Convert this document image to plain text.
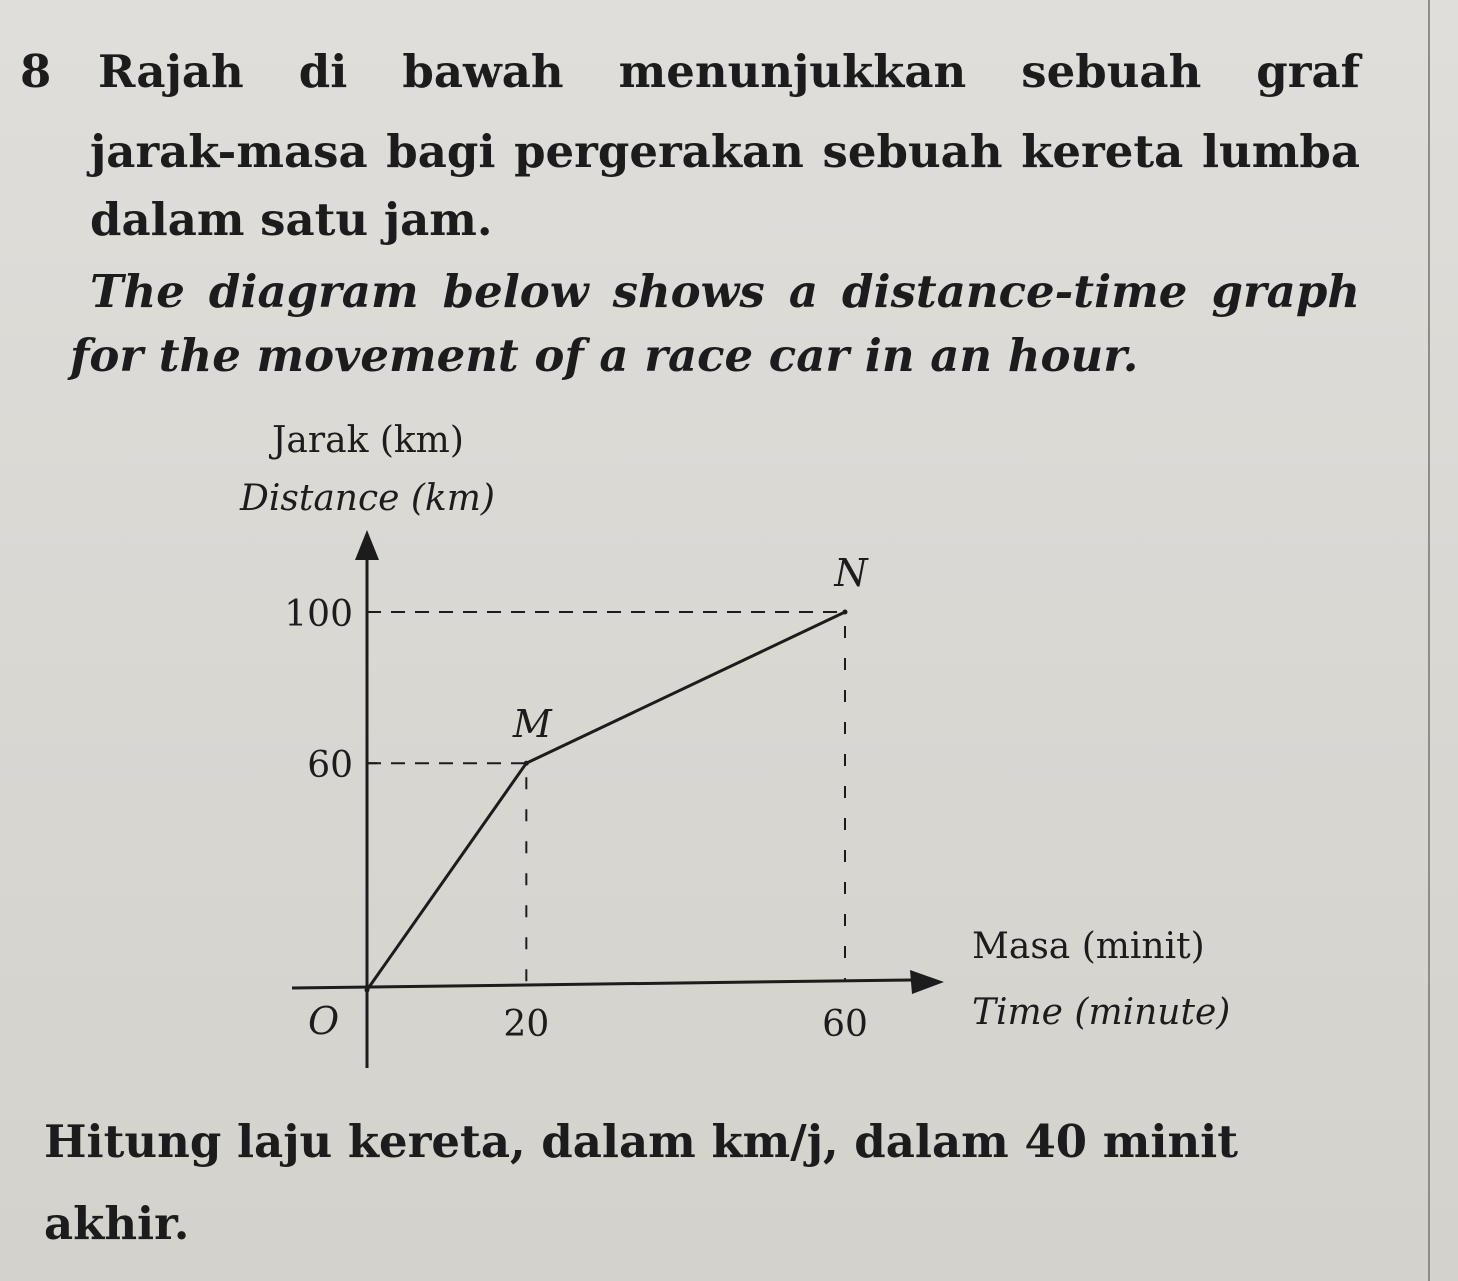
8 Rajah di bawah menunjukkan sebuah graf
jarak-masa bagi pergerakan sebuah kereta lumba
dalam satu jam.
The diagram below shows a distance-time graph
for the movement of a race car in an hour.
Hitung laju kereta, dalam km/j, dalam 40 minit
akhir.
Jarak (km)
Distance (km)
Masa (minit)
Time (minute)
O
60
100
20	60
M
N
